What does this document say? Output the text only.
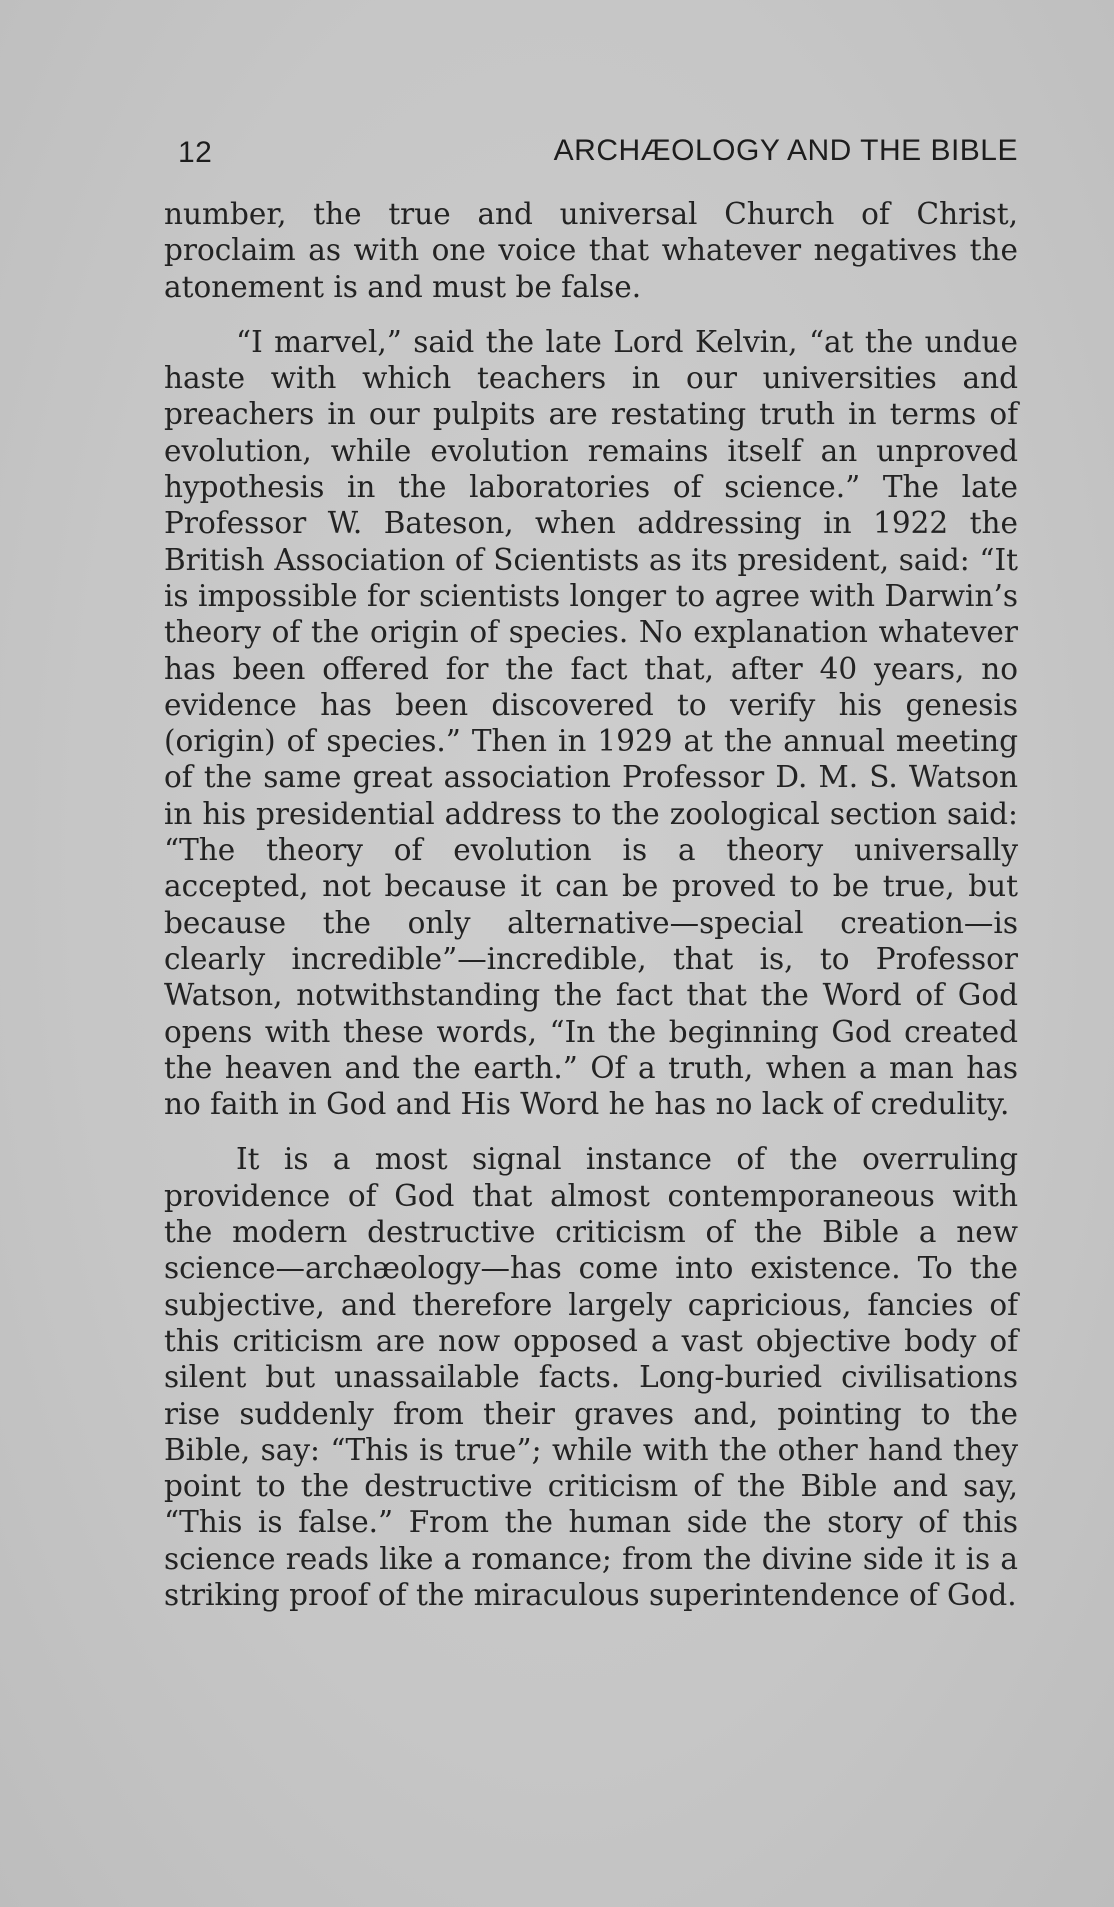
12	ARCHÆOLOGY AND THE BIBLE

number, the true and universal Church of Christ, proclaim as with one voice that whatever negatives the atonement is and must be false.

“I marvel,” said the late Lord Kelvin, “at the undue haste with which teachers in our universities and preachers in our pulpits are restating truth in terms of evolution, while evolution remains itself an unproved hypothesis in the laboratories of science.” The late Professor W. Bateson, when addressing in 1922 the British Association of Scientists as its president, said: “It is impossible for scientists longer to agree with Darwin’s theory of the origin of species. No explanation whatever has been offered for the fact that, after 40 years, no evidence has been discovered to verify his genesis (origin) of species.” Then in 1929 at the annual meeting of the same great association Professor D. M. S. Watson in his presidential address to the zoological section said: “The theory of evolution is a theory universally accepted, not because it can be proved to be true, but because the only alternative—special creation—is clearly incredible”—incredible, that is, to Professor Watson, notwithstanding the fact that the Word of God opens with these words, “In the beginning God created the heaven and the earth.” Of a truth, when a man has no faith in God and His Word he has no lack of credulity.

It is a most signal instance of the overruling providence of God that almost contemporaneous with the modern destructive criticism of the Bible a new science—archæology—has come into existence. To the subjective, and therefore largely capricious, fancies of this criticism are now opposed a vast objective body of silent but unassailable facts. Long-buried civilisations rise suddenly from their graves and, pointing to the Bible, say: “This is true”; while with the other hand they point to the destructive criticism of the Bible and say, “This is false.” From the human side the story of this science reads like a romance; from the divine side it is a striking proof of the miraculous superintendence of God.
